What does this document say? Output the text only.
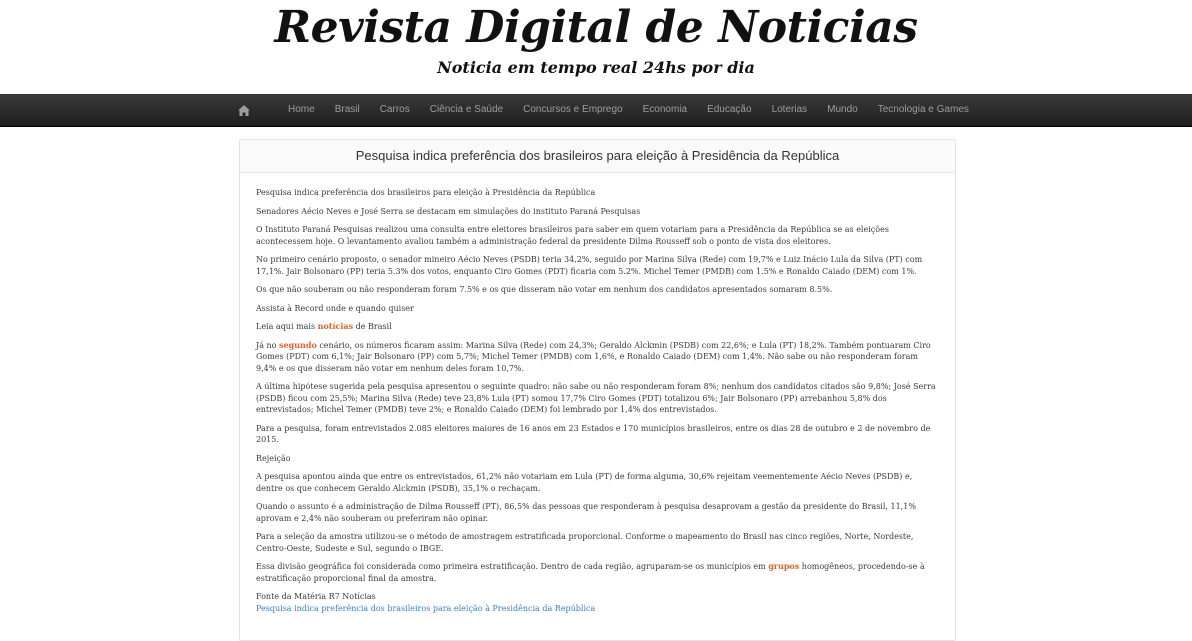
Revista Digital de Noticias
Noticia em tempo real 24hs por dia
Home	Brasil	Carros	Ciência e Saúde	Concursos e Emprego	Economia	Educação	Loterias	Mundo	Tecnologia e Games
Pesquisa indica preferência dos brasileiros para eleição à Presidência da República

Pesquisa indica preferência dos brasileiros para eleição à Presidência da República

Senadores Aécio Neves e José Serra se destacam em simulações do instituto Paraná Pesquisas

O Instituto Paraná Pesquisas realizou uma consulta entre eleitores brasileiros para saber em quem votariam para a Presidência da República se as eleições acontecessem hoje. O levantamento avaliou também a administração federal da presidente Dilma Rousseff sob o ponto de vista dos eleitores.

No primeiro cenário proposto, o senador mineiro Aécio Neves (PSDB) teria 34,2%, seguido por Marina Silva (Rede) com 19,7% e Luiz Inácio Lula da Silva (PT) com 17,1%. Jair Bolsonaro (PP) teria 5.3% dos votos, enquanto Ciro Gomes (PDT) ficaria com 5.2%. Michel Temer (PMDB) com 1.5% e Ronaldo Caiado (DEM) com 1%.

Os que não souberam ou não responderam foram 7.5% e os que disseram não votar em nenhum dos candidatos apresentados somaram 8.5%.

Assista à Record onde e quando quiser

Leia aqui mais notícias de Brasil

Já no segundo cenário, os números ficaram assim: Marina Silva (Rede) com 24,3%; Geraldo Alckmin (PSDB) com 22,6%; e Lula (PT) 18,2%. Também pontuaram Ciro Gomes (PDT) com 6,1%; Jair Bolsonaro (PP) com 5,7%; Michel Temer (PMDB) com 1,6%, e Ronaldo Caiado (DEM) com 1,4%. Não sabe ou não responderam foram 9,4% e os que disseram não votar em nenhum deles foram 10,7%.

A última hipótese sugerida pela pesquisa apresentou o seguinte quadro: não sabe ou não responderam foram 8%; nenhum dos candidatos citados são 9,8%; José Serra (PSDB) ficou com 25,5%; Marina Silva (Rede) teve 23,8% Lula (PT) somou 17,7% Ciro Gomes (PDT) totalizou 6%; Jair Bolsonaro (PP) arrebanhou 5,8% dos entrevistados; Michel Temer (PMDB) teve 2%; e Ronaldo Caiado (DEM) foi lembrado por 1,4% dos entrevistados.

Para a pesquisa, foram entrevistados 2.085 eleitores maiores de 16 anos em 23 Estados e 170 municípios brasileiros, entre os dias 28 de outubro e 2 de novembro de 2015.

Rejeição

A pesquisa apontou ainda que entre os entrevistados, 61,2% não votariam em Lula (PT) de forma alguma, 30,6% rejeitam veementemente Aécio Neves (PSDB) e, dentre os que conhecem Geraldo Alckmin (PSDB), 35,1% o rechaçam.

Quando o assunto é a administração de Dilma Rousseff (PT), 86,5% das pessoas que responderam à pesquisa desaprovam a gestão da presidente do Brasil, 11,1% aprovam e 2,4% não souberam ou preferiram não opinar.

Para a seleção da amostra utilizou-se o método de amostragem estratificada proporcional. Conforme o mapeamento do Brasil nas cinco regiões, Norte, Nordeste, Centro-Oeste, Sudeste e Sul, segundo o IBGE.

Essa divisão geográfica foi considerada como primeira estratificação. Dentro de cada região, agruparam-se os municípios em grupos homogêneos, procedendo-se à estratificação proporcional final da amostra.

Fonte da Matéria R7 Notícias
Pesquisa indica preferência dos brasileiros para eleição à Presidência da República
